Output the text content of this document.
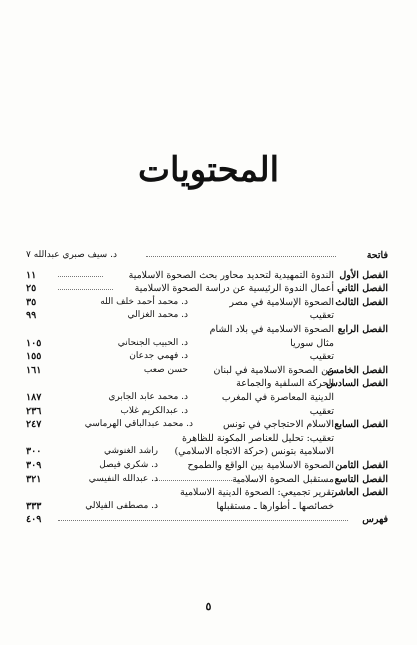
المحتويات
فاتحة
د. سيف صبري عبدالله ٧
الفصل الأول
الندوة التمهيدية لتحديد محاور بحث الصحوة الاسلامية
١١
الفصل الثاني
أعمال الندوة الرئيسية عن دراسة الصحوة الاسلامية
٢٥
الفصل الثالث
الصحوة الإسلامية في مصر
د. محمد أحمد خلف الله
٣٥
تعقيب
د. محمد الغزالي
٩٩
الفصل الرابع
الصحوة الاسلامية في بلاد الشام
مثال سوريا
د. الحبيب الجنحاني
١٠٥
تعقيب
د. فهمي جدعان
١٥٥
الفصل الخامس
عن الصحوة الاسلامية في لبنان
حسن صعب
١٦١
الفصل السادس
الحركة السلفية والجماعة
الدينية المعاصرة في المغرب
د. محمد عابد الجابري
١٨٧
تعقيب
د. عبدالكريم غلاب
٢٣٦
الفصل السابع
الاسلام الاحتجاجي في تونس
د. محمد عبدالباقي الهرماسي
٢٤٧
تعقيب: تحليل للعناصر المكونة للظاهرة
الاسلامية بتونس (حركة الاتجاه الاسلامي)
راشد الغنوشي
٣٠٠
الفصل الثامن
الصحوة الاسلامية بين الواقع والطموح
د. شكري فيصل
٣٠٩
الفصل التاسع
مستقبل الصحوة الاسلامية
د. عبدالله النفيسي
٣٢١
الفصل العاشر
تقرير تجميعي: الصحوة الدينية الاسلامية
خصائصها ـ أطوارها ـ مستقبلها
د. مصطفى الفيلالي
٣٣٣
فهرس
٤٠٩
٥
